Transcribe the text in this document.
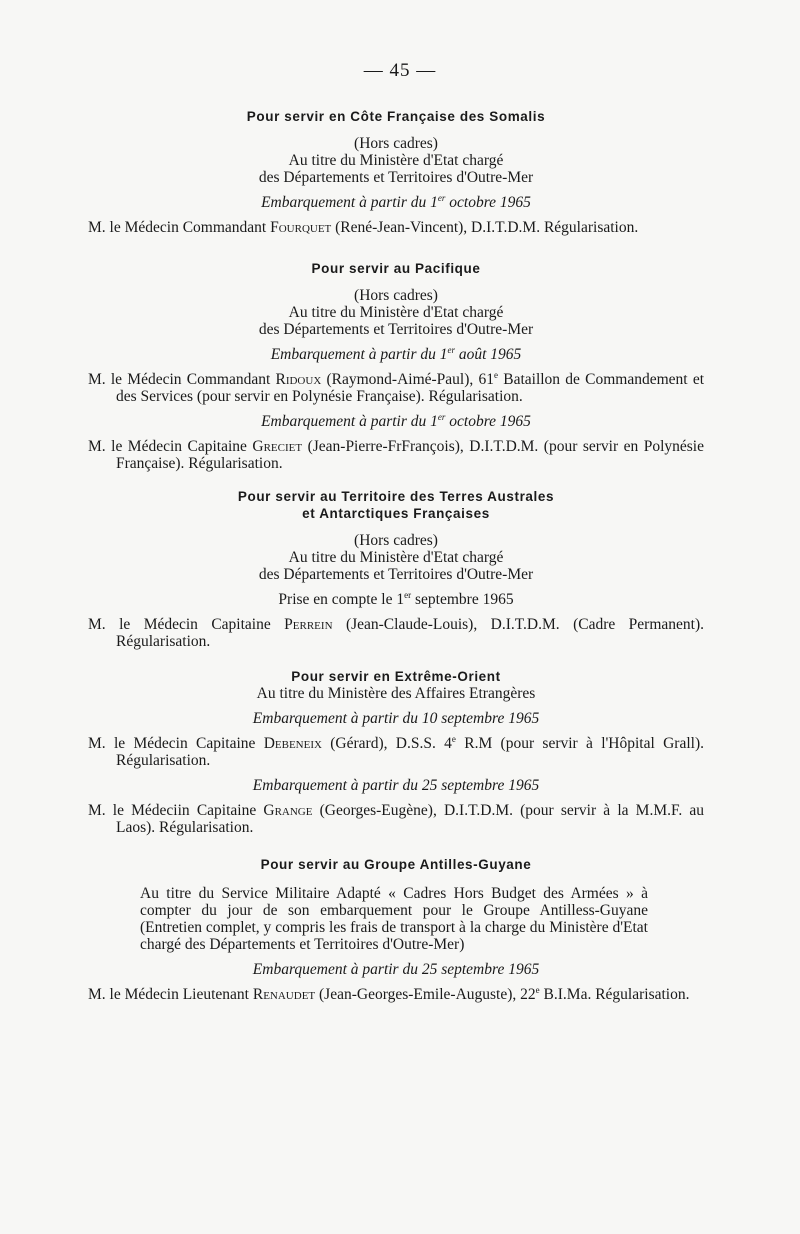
— 45 —
Pour servir en Côte Française des Somalis
(Hors cadres)
Au titre du Ministère d'Etat chargé
des Départements et Territoires d'Outre-Mer
Embarquement à partir du 1er octobre 1965
M. le Médecin Commandant Fourquet (René-Jean-Vincent), D.I.T.D.M. Régularisation.
Pour servir au Pacifique
(Hors cadres)
Au titre du Ministère d'Etat chargé
des Départements et Territoires d'Outre-Mer
Embarquement à partir du 1er août 1965
M. le Médecin Commandant Ridoux (Raymond-Aimé-Paul), 61e Bataillon de Commandement et des Services (pour servir en Polynésie Française). Régularisation.
Embarquement à partir du 1er octobre 1965
M. le Médecin Capitaine Greciet (Jean-Pierre-FrFrançois), D.I.T.D.M. (pour servir en Polynésie Française). Régularisation.
Pour servir au Territoire des Terres Australes
et Antarctiques Françaises
(Hors cadres)
Au titre du Ministère d'Etat chargé
des Départements et Territoires d'Outre-Mer
Prise en compte le 1er septembre 1965
M. le Médecin Capitaine Perrein (Jean-Claude-Louis), D.I.T.D.M. (Cadre Permanent). Régularisation.
Pour servir en Extrême-Orient
Au titre du Ministère des Affaires Etrangères
Embarquement à partir du 10 septembre 1965
M. le Médecin Capitaine Debeneix (Gérard), D.S.S. 4e R.M (pour servir à l'Hôpital Grall). Régularisation.
Embarquement à partir du 25 septembre 1965
M. le Médeciin Capitaine Grange (Georges-Eugène), D.I.T.D.M. (pour servir à la M.M.F. au Laos). Régularisation.
Pour servir au Groupe Antilles-Guyane
Au titre du Service Militaire Adapté « Cadres Hors Budget des Armées » à compter du jour de son embarquement pour le Groupe Antilless-Guyane (Entretien complet, y compris les frais de transport à la charge du Ministère d'Etat chargé des Départements et Territoires d'Outre-Mer)
Embarquement à partir du 25 septembre 1965
M. le Médecin Lieutenant Renaudet (Jean-Georges-Emile-Auguste), 22e B.I.Ma. Régularisation.
